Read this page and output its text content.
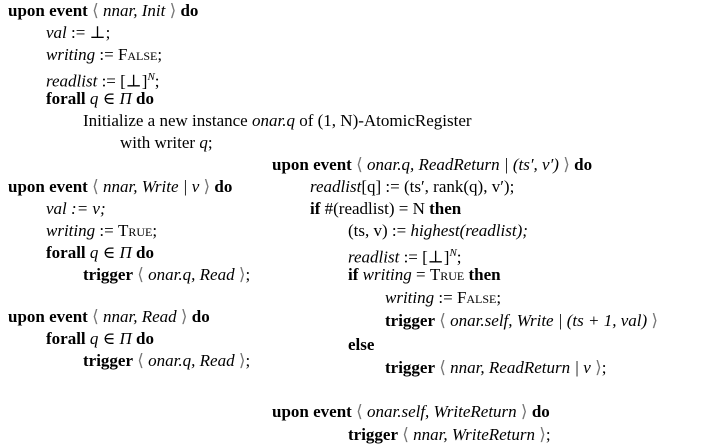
upon event ⟨ nnar, Init ⟩ do
val := ⊥;
writing := False;
readlist := [⊥]$^N$;
forall q ∈ Π do
Initialize a new instance onar.q of (1, N)-AtomicRegister
with writer q;
upon event ⟨ nnar, Write | v ⟩ do
val := v;
writing := True;
forall q ∈ Π do
trigger ⟨ onar.q, Read ⟩;
upon event ⟨ nnar, Read ⟩ do
forall q ∈ Π do
trigger ⟨ onar.q, Read ⟩;
upon event ⟨ onar.q, ReadReturn | (ts′, v′) ⟩ do
readlist[q] := (ts′, rank(q), v′);
if #(readlist) = N then
(ts, v) := highest(readlist);
readlist := [⊥]$^N$;
if writing = True then
writing := False;
trigger ⟨ onar.self, Write | (ts + 1, val) ⟩
else
trigger ⟨ nnar, ReadReturn | v ⟩;
upon event ⟨ onar.self, WriteReturn ⟩ do
trigger ⟨ nnar, WriteReturn ⟩;
